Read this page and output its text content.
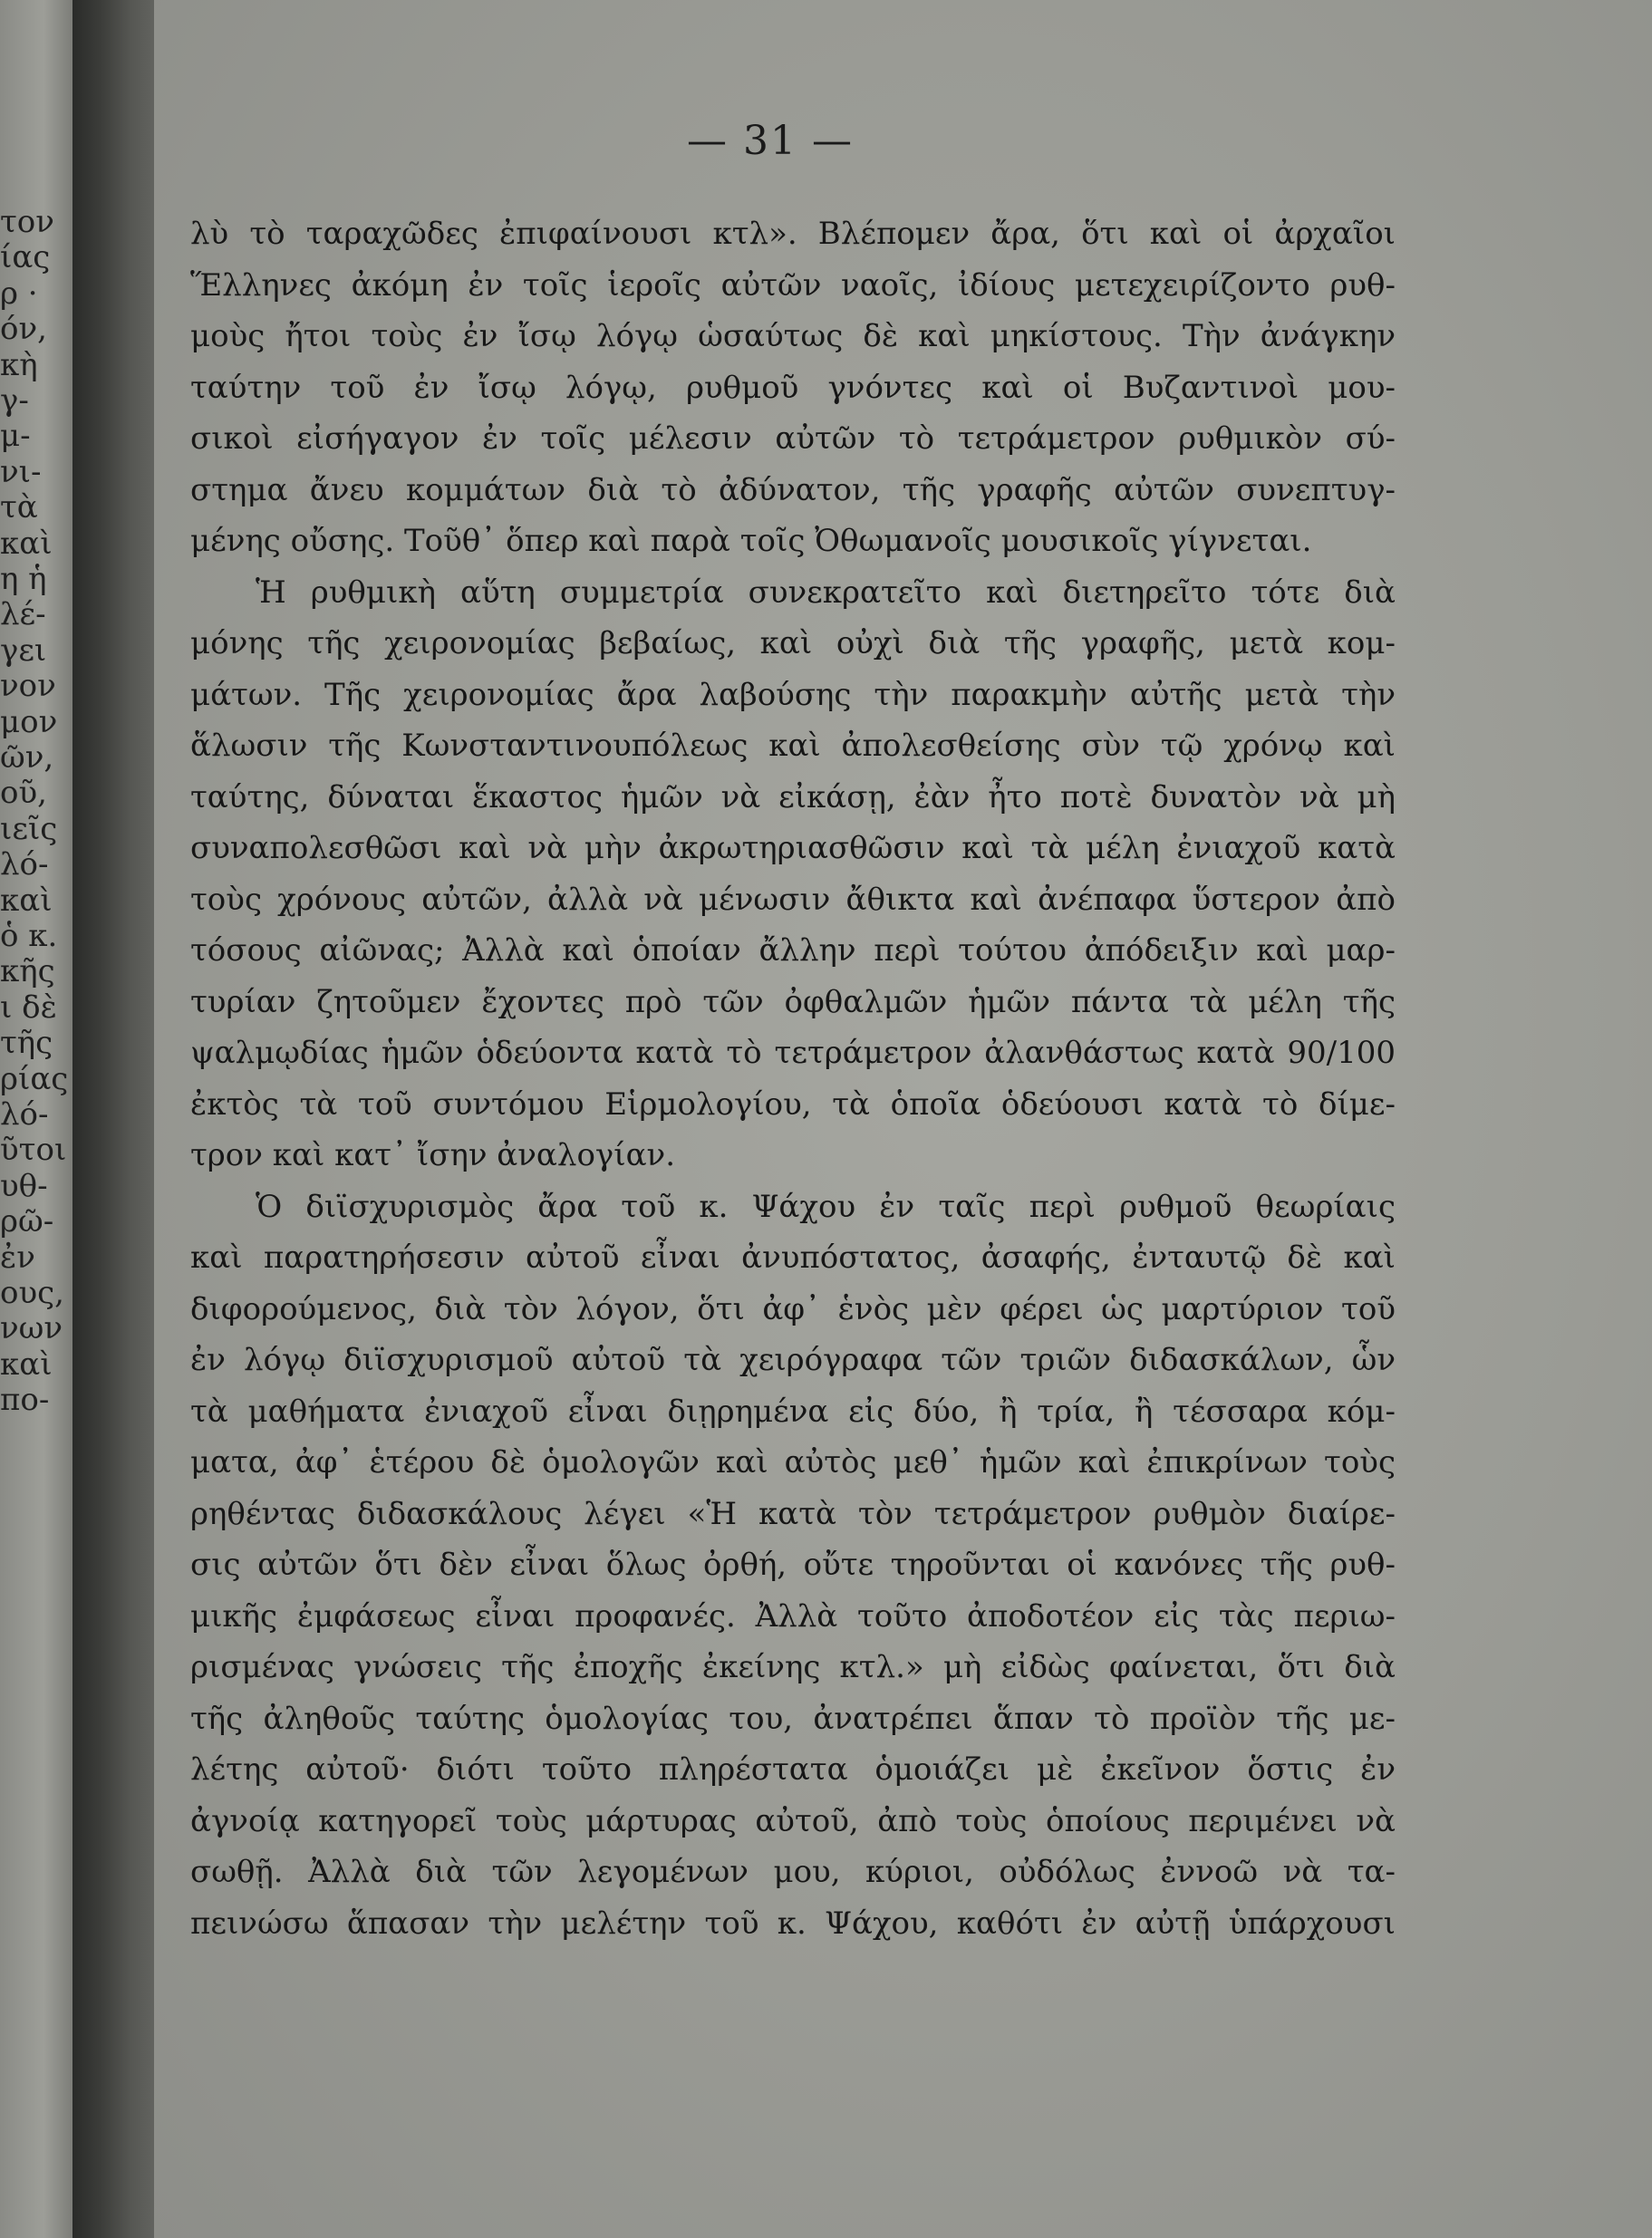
τον
ίας
ρ ·
όν,
κὴ
γ-
μ-
νι-
τὰ
καὶ
η ἡ
λέ-
γει
νον
μον
ῶν,
οῦ,
ιεῖς
λό-
καὶ
ὁ κ.
κῆς
ι δὲ
τῆς
ρίας
λό-
ῦτοι
υθ-
ρῶ-
ἐν
ους,
νων
καὶ
πο-
— 31 —
λὺ τὸ ταραχῶδες ἐπιφαίνουσι κτλ». Βλέπομεν ἄρα, ὅτι καὶ οἱ ἀρχαῖοι
Ἕλληνες ἀκόμη ἐν τοῖς ἱεροῖς αὐτῶν ναοῖς, ἰδίους μετεχειρίζοντο ρυθ-
μοὺς ἤτοι τοὺς ἐν ἴσῳ λόγῳ ὡσαύτως δὲ καὶ μηκίστους. Τὴν ἀνάγκην
ταύτην τοῦ ἐν ἴσῳ λόγῳ, ρυθμοῦ γνόντες καὶ οἱ Βυζαντινοὶ μου-
σικοὶ εἰσήγαγον ἐν τοῖς μέλεσιν αὐτῶν τὸ τετράμετρον ρυθμικὸν σύ-
στημα ἄνευ κομμάτων διὰ τὸ ἀδύνατον, τῆς γραφῆς αὐτῶν συνεπτυγ-
μένης οὔσης. Τοῦθ᾽ ὅπερ καὶ παρὰ τοῖς Ὀθωμανοῖς μουσικοῖς γίγνεται.
Ἡ ρυθμικὴ αὕτη συμμετρία συνεκρατεῖτο καὶ διετηρεῖτο τότε διὰ
μόνης τῆς χειρονομίας βεβαίως, καὶ οὐχὶ διὰ τῆς γραφῆς, μετὰ κομ-
μάτων. Τῆς χειρονομίας ἄρα λαβούσης τὴν παρακμὴν αὐτῆς μετὰ τὴν
ἅλωσιν τῆς Κωνσταντινουπόλεως καὶ ἀπολεσθείσης σὺν τῷ χρόνῳ καὶ
ταύτης, δύναται ἕκαστος ἡμῶν νὰ εἰκάσῃ, ἐὰν ἦτο ποτὲ δυνατὸν νὰ μὴ
συναπολεσθῶσι καὶ νὰ μὴν ἀκρωτηριασθῶσιν καὶ τὰ μέλη ἐνιαχοῦ κατὰ
τοὺς χρόνους αὐτῶν, ἀλλὰ νὰ μένωσιν ἄθικτα καὶ ἀνέπαφα ὕστερον ἀπὸ
τόσους αἰῶνας; Ἀλλὰ καὶ ὁποίαν ἄλλην περὶ τούτου ἀπόδειξιν καὶ μαρ-
τυρίαν ζητοῦμεν ἔχοντες πρὸ τῶν ὀφθαλμῶν ἡμῶν πάντα τὰ μέλη τῆς
ψαλμῳδίας ἡμῶν ὁδεύοντα κατὰ τὸ τετράμετρον ἀλανθάστως κατὰ 90/100
ἐκτὸς τὰ τοῦ συντόμου Εἱρμολογίου, τὰ ὁποῖα ὁδεύουσι κατὰ τὸ δίμε-
τρον καὶ κατ᾽ ἴσην ἀναλογίαν.
Ὁ διϊσχυρισμὸς ἄρα τοῦ κ. Ψάχου ἐν ταῖς περὶ ρυθμοῦ θεωρίαις
καὶ παρατηρήσεσιν αὐτοῦ εἶναι ἀνυπόστατος, ἀσαφής, ἐνταυτῷ δὲ καὶ
διφορούμενος, διὰ τὸν λόγον, ὅτι ἀφ᾽ ἑνὸς μὲν φέρει ὡς μαρτύριον τοῦ
ἐν λόγῳ διϊσχυρισμοῦ αὐτοῦ τὰ χειρόγραφα τῶν τριῶν διδασκάλων, ὧν
τὰ μαθήματα ἐνιαχοῦ εἶναι διῃρημένα εἰς δύο, ἢ τρία, ἢ τέσσαρα κόμ-
ματα, ἀφ᾽ ἑτέρου δὲ ὁμολογῶν καὶ αὐτὸς μεθ᾽ ἡμῶν καὶ ἐπικρίνων τοὺς
ρηθέντας διδασκάλους λέγει «Ἡ κατὰ τὸν τετράμετρον ρυθμὸν διαίρε-
σις αὐτῶν ὅτι δὲν εἶναι ὅλως ὀρθή, οὔτε τηροῦνται οἱ κανόνες τῆς ρυθ-
μικῆς ἐμφάσεως εἶναι προφανές. Ἀλλὰ τοῦτο ἀποδοτέον εἰς τὰς περιω-
ρισμένας γνώσεις τῆς ἐποχῆς ἐκείνης κτλ.» μὴ εἰδὼς φαίνεται, ὅτι διὰ
τῆς ἀληθοῦς ταύτης ὁμολογίας του, ἀνατρέπει ἅπαν τὸ προϊὸν τῆς με-
λέτης αὐτοῦ· διότι τοῦτο πληρέστατα ὁμοιάζει μὲ ἐκεῖνον ὅστις ἐν
ἀγνοίᾳ κατηγορεῖ τοὺς μάρτυρας αὐτοῦ, ἀπὸ τοὺς ὁποίους περιμένει νὰ
σωθῇ. Ἀλλὰ διὰ τῶν λεγομένων μου, κύριοι, οὐδόλως ἐννοῶ νὰ τα-
πεινώσω ἅπασαν τὴν μελέτην τοῦ κ. Ψάχου, καθότι ἐν αὐτῇ ὑπάρχουσι
